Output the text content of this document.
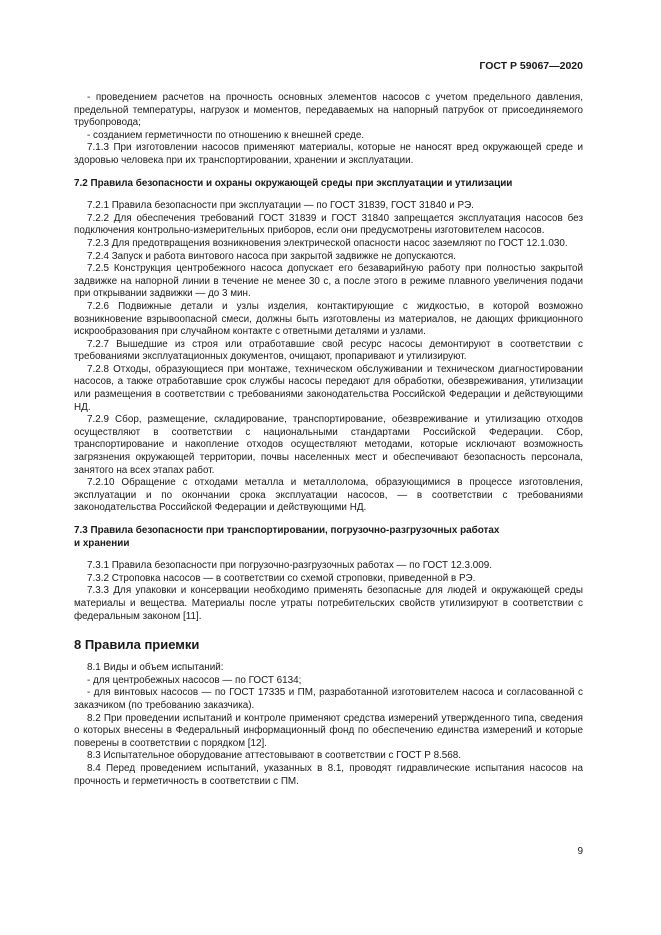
ГОСТ Р 59067—2020

- проведением расчетов на прочность основных элементов насосов с учетом предельного давления, предельной температуры, нагрузок и моментов, передаваемых на напорный патрубок от присоединяемого трубопровода;

- созданием герметичности по отношению к внешней среде.

7.1.3 При изготовлении насосов применяют материалы, которые не наносят вред окружающей среде и здоровью человека при их транспортировании, хранении и эксплуатации.

7.2 Правила безопасности и охраны окружающей среды при эксплуатации и утилизации

7.2.1 Правила безопасности при эксплуатации — по ГОСТ 31839, ГОСТ 31840 и РЭ.

7.2.2 Для обеспечения требований ГОСТ 31839 и ГОСТ 31840 запрещается эксплуатация насосов без подключения контрольно-измерительных приборов, если они предусмотрены изготовителем насосов.

7.2.3 Для предотвращения возникновения электрической опасности насос заземляют по ГОСТ 12.1.030.

7.2.4 Запуск и работа винтового насоса при закрытой задвижке не допускаются.

7.2.5 Конструкция центробежного насоса допускает его безаварийную работу при полностью закрытой задвижке на напорной линии в течение не менее 30 с, а после этого в режиме плавного увеличения подачи при открывании задвижки — до 3 мин.

7.2.6 Подвижные детали и узлы изделия, контактирующие с жидкостью, в которой возможно возникновение взрывоопасной смеси, должны быть изготовлены из материалов, не дающих фрикционного искрообразования при случайном контакте с ответными деталями и узлами.

7.2.7 Вышедшие из строя или отработавшие свой ресурс насосы демонтируют в соответствии с требованиями эксплуатационных документов, очищают, пропаривают и утилизируют.

7.2.8 Отходы, образующиеся при монтаже, техническом обслуживании и техническом диагностировании насосов, а также отработавшие срок службы насосы передают для обработки, обезвреживания, утилизации или размещения в соответствии с требованиями законодательства Российской Федерации и действующими НД.

7.2.9 Сбор, размещение, складирование, транспортирование, обезвреживание и утилизацию отходов осуществляют в соответствии с национальными стандартами Российской Федерации. Сбор, транспортирование и накопление отходов осуществляют методами, которые исключают возможность загрязнения окружающей территории, почвы населенных мест и обеспечивают безопасность персонала, занятого на всех этапах работ.

7.2.10 Обращение с отходами металла и металлолома, образующимися в процессе изготовления, эксплуатации и по окончании срока эксплуатации насосов, — в соответствии с требованиями законодательства Российской Федерации и действующими НД.

7.3 Правила безопасности при транспортировании, погрузочно-разгрузочных работах
и хранении

7.3.1 Правила безопасности при погрузочно-разгрузочных работах — по ГОСТ 12.3.009.

7.3.2 Строповка насосов — в соответствии со схемой строповки, приведенной в РЭ.

7.3.3 Для упаковки и консервации необходимо применять безопасные для людей и окружающей среды материалы и вещества. Материалы после утраты потребительских свойств утилизируют в соответствии с федеральным законом [11].

8 Правила приемки

8.1 Виды и объем испытаний:

- для центробежных насосов — по ГОСТ 6134;

- для винтовых насосов — по ГОСТ 17335 и ПМ, разработанной изготовителем насоса и согласованной с заказчиком (по требованию заказчика).

8.2 При проведении испытаний и контроле применяют средства измерений утвержденного типа, сведения о которых внесены в Федеральный информационный фонд по обеспечению единства измерений и которые поверены в соответствии с порядком [12].

8.3 Испытательное оборудование аттестовывают в соответствии с ГОСТ Р 8.568.

8.4 Перед проведением испытаний, указанных в 8.1, проводят гидравлические испытания насосов на прочность и герметичность в соответствии с ПМ.

9
